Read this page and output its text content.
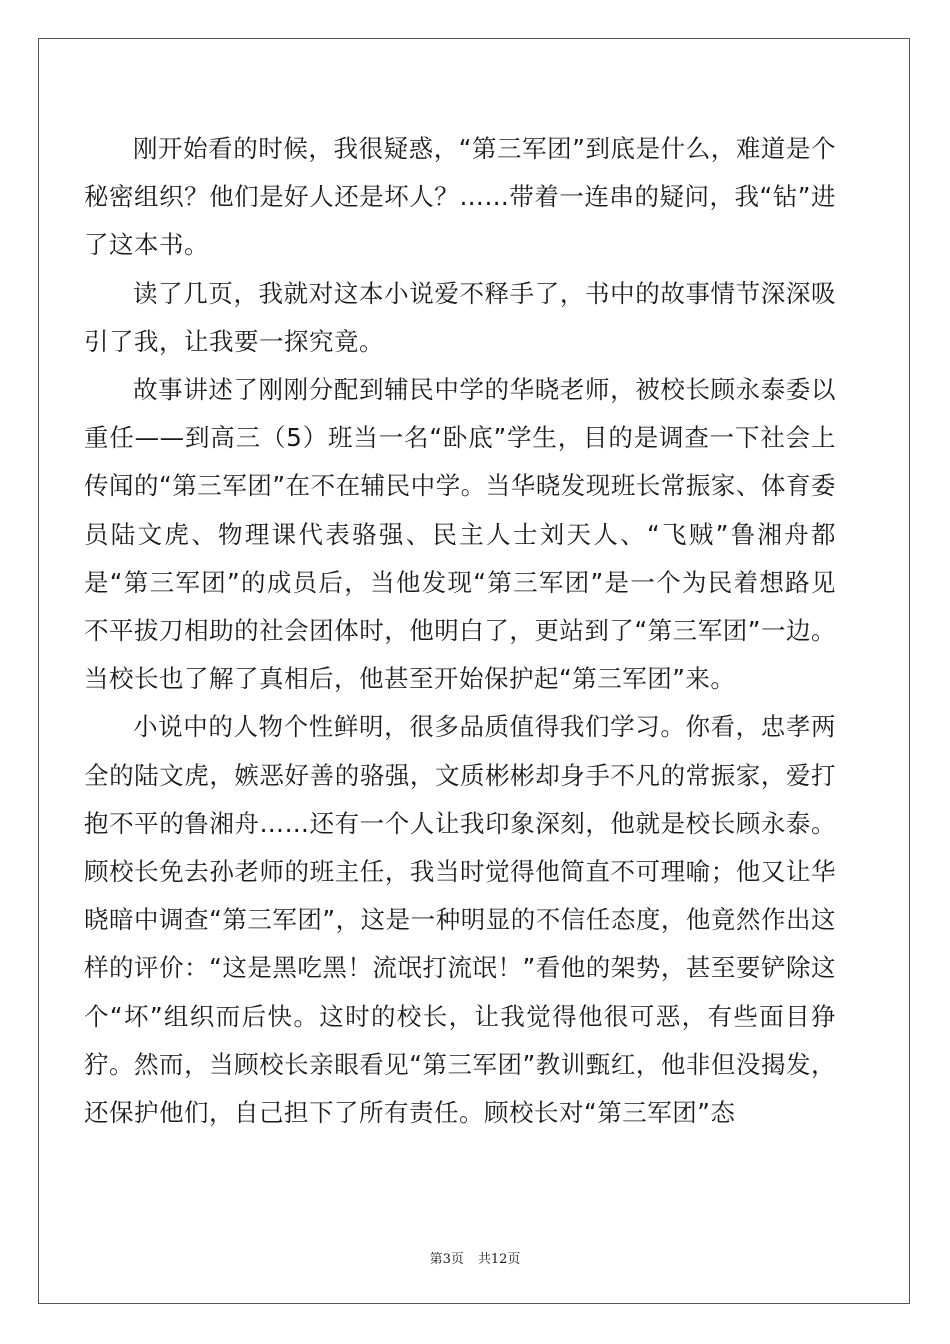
刚开始看的时候，我很疑惑，“第三军团”到底是什么，难道是个秘密组织？他们是好人还是坏人？……带着一连串的疑问，我“钻”进了这本书。

读了几页，我就对这本小说爱不释手了，书中的故事情节深深吸引了我，让我要一探究竟。

故事讲述了刚刚分配到辅民中学的华晓老师，被校长顾永泰委以重任——到高三（5）班当一名“卧底”学生，目的是调查一下社会上传闻的“第三军团”在不在辅民中学。当华晓发现班长常振家、体育委员陆文虎、物理课代表骆强、民主人士刘天人、“飞贼”鲁湘舟都是“第三军团”的成员后，当他发现“第三军团”是一个为民着想路见不平拔刀相助的社会团体时，他明白了，更站到了“第三军团”一边。当校长也了解了真相后，他甚至开始保护起“第三军团”来。

小说中的人物个性鲜明，很多品质值得我们学习。你看，忠孝两全的陆文虎，嫉恶好善的骆强，文质彬彬却身手不凡的常振家，爱打抱不平的鲁湘舟……还有一个人让我印象深刻，他就是校长顾永泰。顾校长免去孙老师的班主任，我当时觉得他简直不可理喻；他又让华晓暗中调查“第三军团”，这是一种明显的不信任态度，他竟然作出这样的评价：“这是黑吃黑！流氓打流氓！”看他的架势，甚至要铲除这个“坏”组织而后快。这时的校长，让我觉得他很可恶，有些面目狰狞。然而，当顾校长亲眼看见“第三军团”教训甄红，他非但没揭发，还保护他们，自己担下了所有责任。顾校长对“第三军团”态

第3页 共12页
